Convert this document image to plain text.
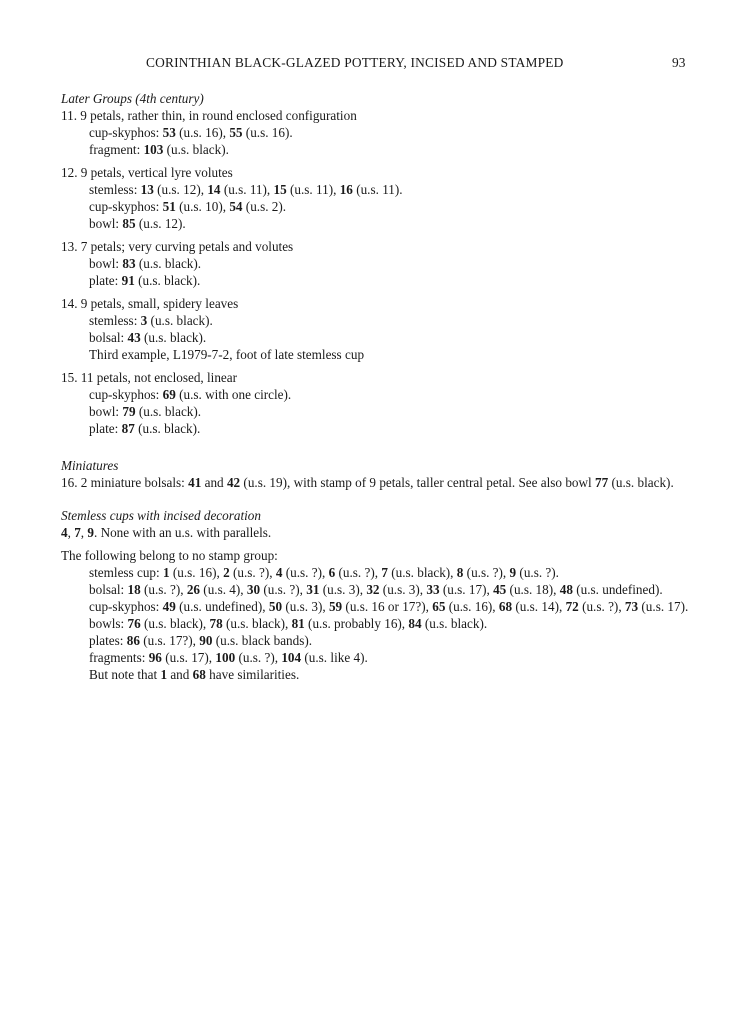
CORINTHIAN BLACK-GLAZED POTTERY, INCISED AND STAMPED	93
Later Groups (4th century)
11. 9 petals, rather thin, in round enclosed configuration
cup-skyphos: 53 (u.s. 16), 55 (u.s. 16).
fragment: 103 (u.s. black).
12. 9 petals, vertical lyre volutes
stemless: 13 (u.s. 12), 14 (u.s. 11), 15 (u.s. 11), 16 (u.s. 11).
cup-skyphos: 51 (u.s. 10), 54 (u.s. 2).
bowl: 85 (u.s. 12).
13. 7 petals; very curving petals and volutes
bowl: 83 (u.s. black).
plate: 91 (u.s. black).
14. 9 petals, small, spidery leaves
stemless: 3 (u.s. black).
bolsal: 43 (u.s. black).
Third example, L1979-7-2, foot of late stemless cup
15. 11 petals, not enclosed, linear
cup-skyphos: 69 (u.s. with one circle).
bowl: 79 (u.s. black).
plate: 87 (u.s. black).
Miniatures
16. 2 miniature bolsals: 41 and 42 (u.s. 19), with stamp of 9 petals, taller central petal. See also bowl 77 (u.s. black).
Stemless cups with incised decoration
4, 7, 9. None with an u.s. with parallels.
The following belong to no stamp group:
stemless cup: 1 (u.s. 16), 2 (u.s. ?), 4 (u.s. ?), 6 (u.s. ?), 7 (u.s. black), 8 (u.s. ?), 9 (u.s. ?).
bolsal: 18 (u.s. ?), 26 (u.s. 4), 30 (u.s. ?), 31 (u.s. 3), 32 (u.s. 3), 33 (u.s. 17), 45 (u.s. 18), 48 (u.s. undefined).
cup-skyphos: 49 (u.s. undefined), 50 (u.s. 3), 59 (u.s. 16 or 17?), 65 (u.s. 16), 68 (u.s. 14), 72 (u.s. ?), 73 (u.s. 17).
bowls: 76 (u.s. black), 78 (u.s. black), 81 (u.s. probably 16), 84 (u.s. black).
plates: 86 (u.s. 17?), 90 (u.s. black bands).
fragments: 96 (u.s. 17), 100 (u.s. ?), 104 (u.s. like 4).
But note that 1 and 68 have similarities.
